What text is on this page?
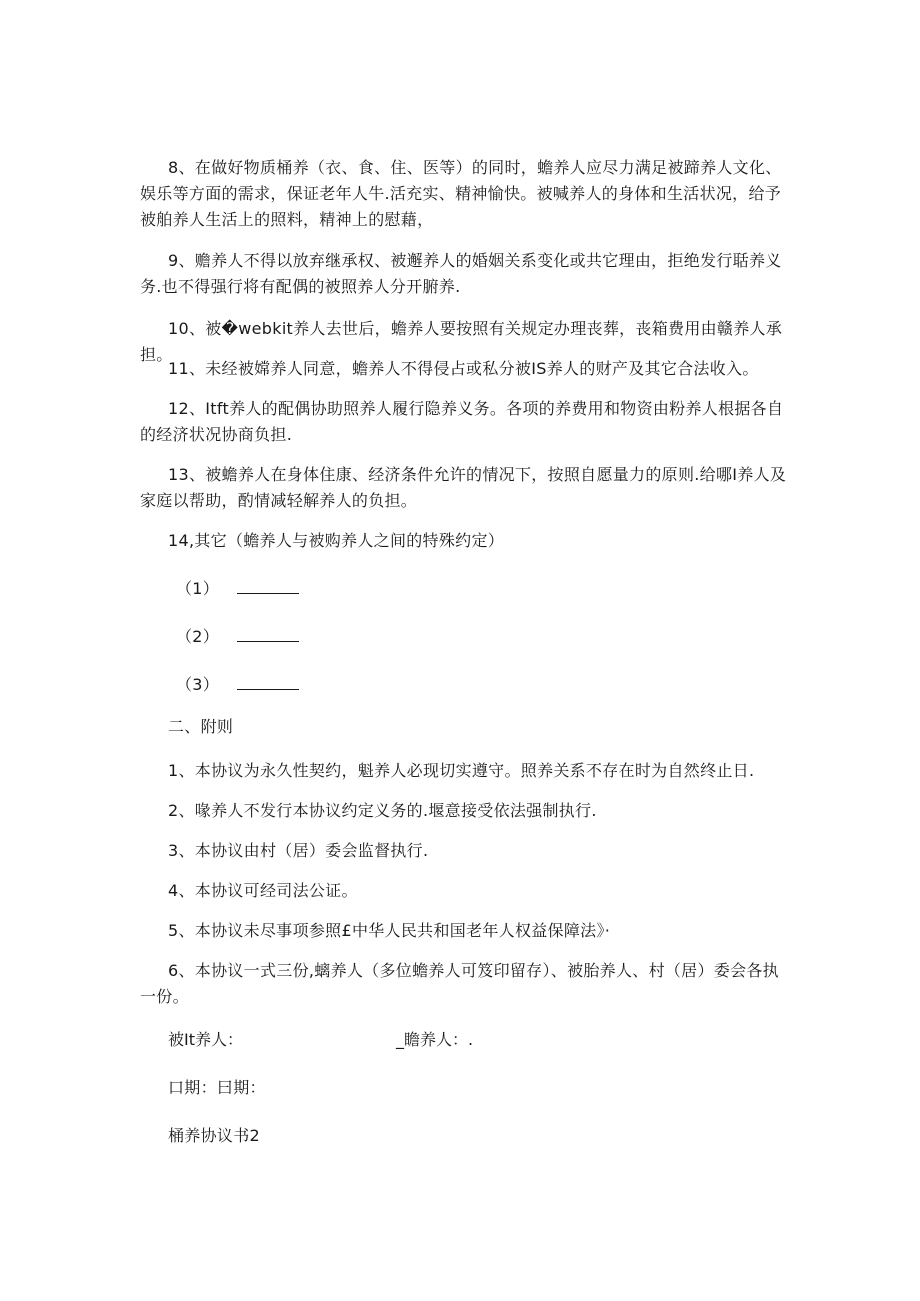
8、在做好物质桶养（衣、食、住、医等）的同时，蟾养人应尽力满足被蹄养人文化、娱乐等方面的需求，保证老年人牛.活充实、精神愉快。被喊养人的身体和生活状况，给予被舶养人生活上的照料，精神上的慰藉，

9、赡养人不得以放弃继承权、被邂养人的婚姻关系变化或共它理由，拒绝发行聒养义务.也不得强行将有配偶的被照养人分开腑养.

10、被�webkit养人去世后，蟾养人要按照有关规定办理丧葬，丧箱费用由赣养人承担。

11、未经被嫦养人同意，蟾养人不得侵占或私分被IS养人的财产及其它合法收入。

12、Itft养人的配偶协助照养人履行隐养义务。各项的养费用和物资由粉养人根据各自的经济状况协商负担.

13、被蟾养人在身体住康、经济条件允许的情况下，按照自愿量力的原则.给哪I养人及家庭以帮助，酌情减轻解养人的负担。

14,其它（蟾养人与被购养人之间的特殊约定）

（1）
（2）
（3）

二、附则

1、本协议为永久性契约，魁养人必现切实遵守。照养关系不存在时为自然终止日.

2、喙养人不发行本协议约定义务的.堰意接受依法强制执行.

3、本协议由村（居）委会监督执行.

4、本协议可经司法公证。

5、本协议未尽事项参照£中华人民共和国老年人权益保障法》·

6、本协议一式三份,螭养人（多位蟾养人可笈印留存）、被胎养人、村（居）委会各执一份。

被It养人：	_瞻养人：.

口期：曰期：

桶养协议书2
